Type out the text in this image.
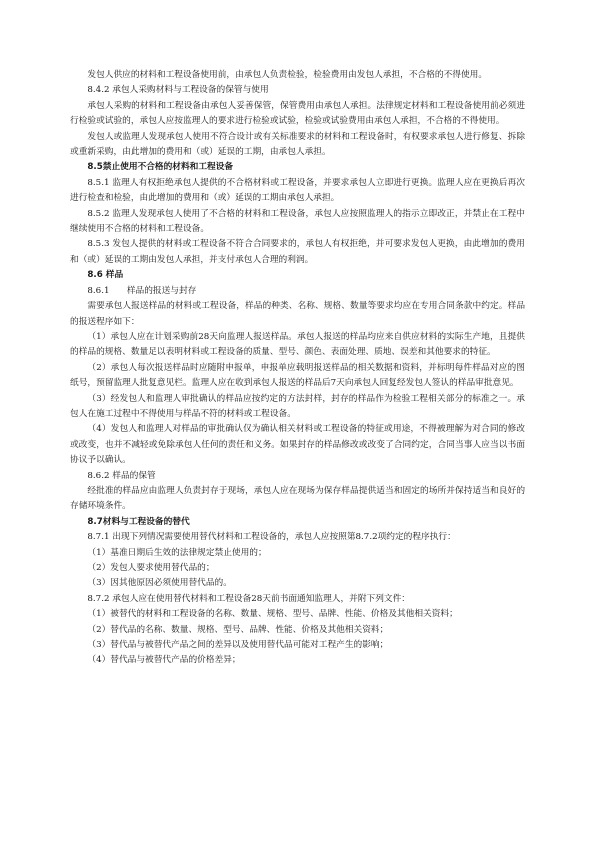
发包人供应的材料和工程设备使用前，由承包人负责检验，检验费用由发包人承担，不合格的不得使用。

8.4.2 承包人采购材料与工程设备的保管与使用

承包人采购的材料和工程设备由承包人妥善保管，保管费用由承包人承担。法律规定材料和工程设备使用前必须进行检验或试验的，承包人应按监理人的要求进行检验或试验，检验或试验费用由承包人承担，不合格的不得使用。

发包人或监理人发现承包人使用不符合设计或有关标准要求的材料和工程设备时，有权要求承包人进行修复、拆除或重新采购，由此增加的费用和（或）延误的工期，由承包人承担。

8.5禁止使用不合格的材料和工程设备

8.5.1 监理人有权拒绝承包人提供的不合格材料或工程设备，并要求承包人立即进行更换。监理人应在更换后再次进行检查和检验，由此增加的费用和（或）延误的工期由承包人承担。

8.5.2 监理人发现承包人使用了不合格的材料和工程设备，承包人应按照监理人的指示立即改正，并禁止在工程中继续使用不合格的材料和工程设备。

8.5.3 发包人提供的材料或工程设备不符合合同要求的，承包人有权拒绝，并可要求发包人更换，由此增加的费用和（或）延误的工期由发包人承担，并支付承包人合理的利润。

8.6 样品

8.6.1　　样品的报送与封存

需要承包人报送样品的材料或工程设备，样品的种类、名称、规格、数量等要求均应在专用合同条款中约定。样品的报送程序如下：

（1）承包人应在计划采购前28天向监理人报送样品。承包人报送的样品均应来自供应材料的实际生产地，且提供的样品的规格、数量足以表明材料或工程设备的质量、型号、颜色、表面处理、质地、误差和其他要求的特征。

（2）承包人每次报送样品时应随附申报单，申报单应载明报送样品的相关数据和资料，并标明每件样品对应的图纸号，预留监理人批复意见栏。监理人应在收到承包人报送的样品后7天向承包人回复经发包人签认的样品审批意见。

（3）经发包人和监理人审批确认的样品应按约定的方法封样，封存的样品作为检验工程相关部分的标准之一。承包人在施工过程中不得使用与样品不符的材料或工程设备。

（4）发包人和监理人对样品的审批确认仅为确认相关材料或工程设备的特征或用途，不得被理解为对合同的修改或改变，也并不减轻或免除承包人任何的责任和义务。如果封存的样品修改或改变了合同约定，合同当事人应当以书面协议予以确认。

8.6.2 样品的保管

经批准的样品应由监理人负责封存于现场，承包人应在现场为保存样品提供适当和固定的场所并保持适当和良好的存储环境条件。

8.7材料与工程设备的替代

8.7.1 出现下列情况需要使用替代材料和工程设备的，承包人应按照第8.7.2项约定的程序执行：

（1）基准日期后生效的法律规定禁止使用的；

（2）发包人要求使用替代品的；

（3）因其他原因必须使用替代品的。

8.7.2 承包人应在使用替代材料和工程设备28天前书面通知监理人，并附下列文件：

（1）被替代的材料和工程设备的名称、数量、规格、型号、品牌、性能、价格及其他相关资料；

（2）替代品的名称、数量、规格、型号、品牌、性能、价格及其他相关资料；

（3）替代品与被替代产品之间的差异以及使用替代品可能对工程产生的影响；

（4）替代品与被替代产品的价格差异；
